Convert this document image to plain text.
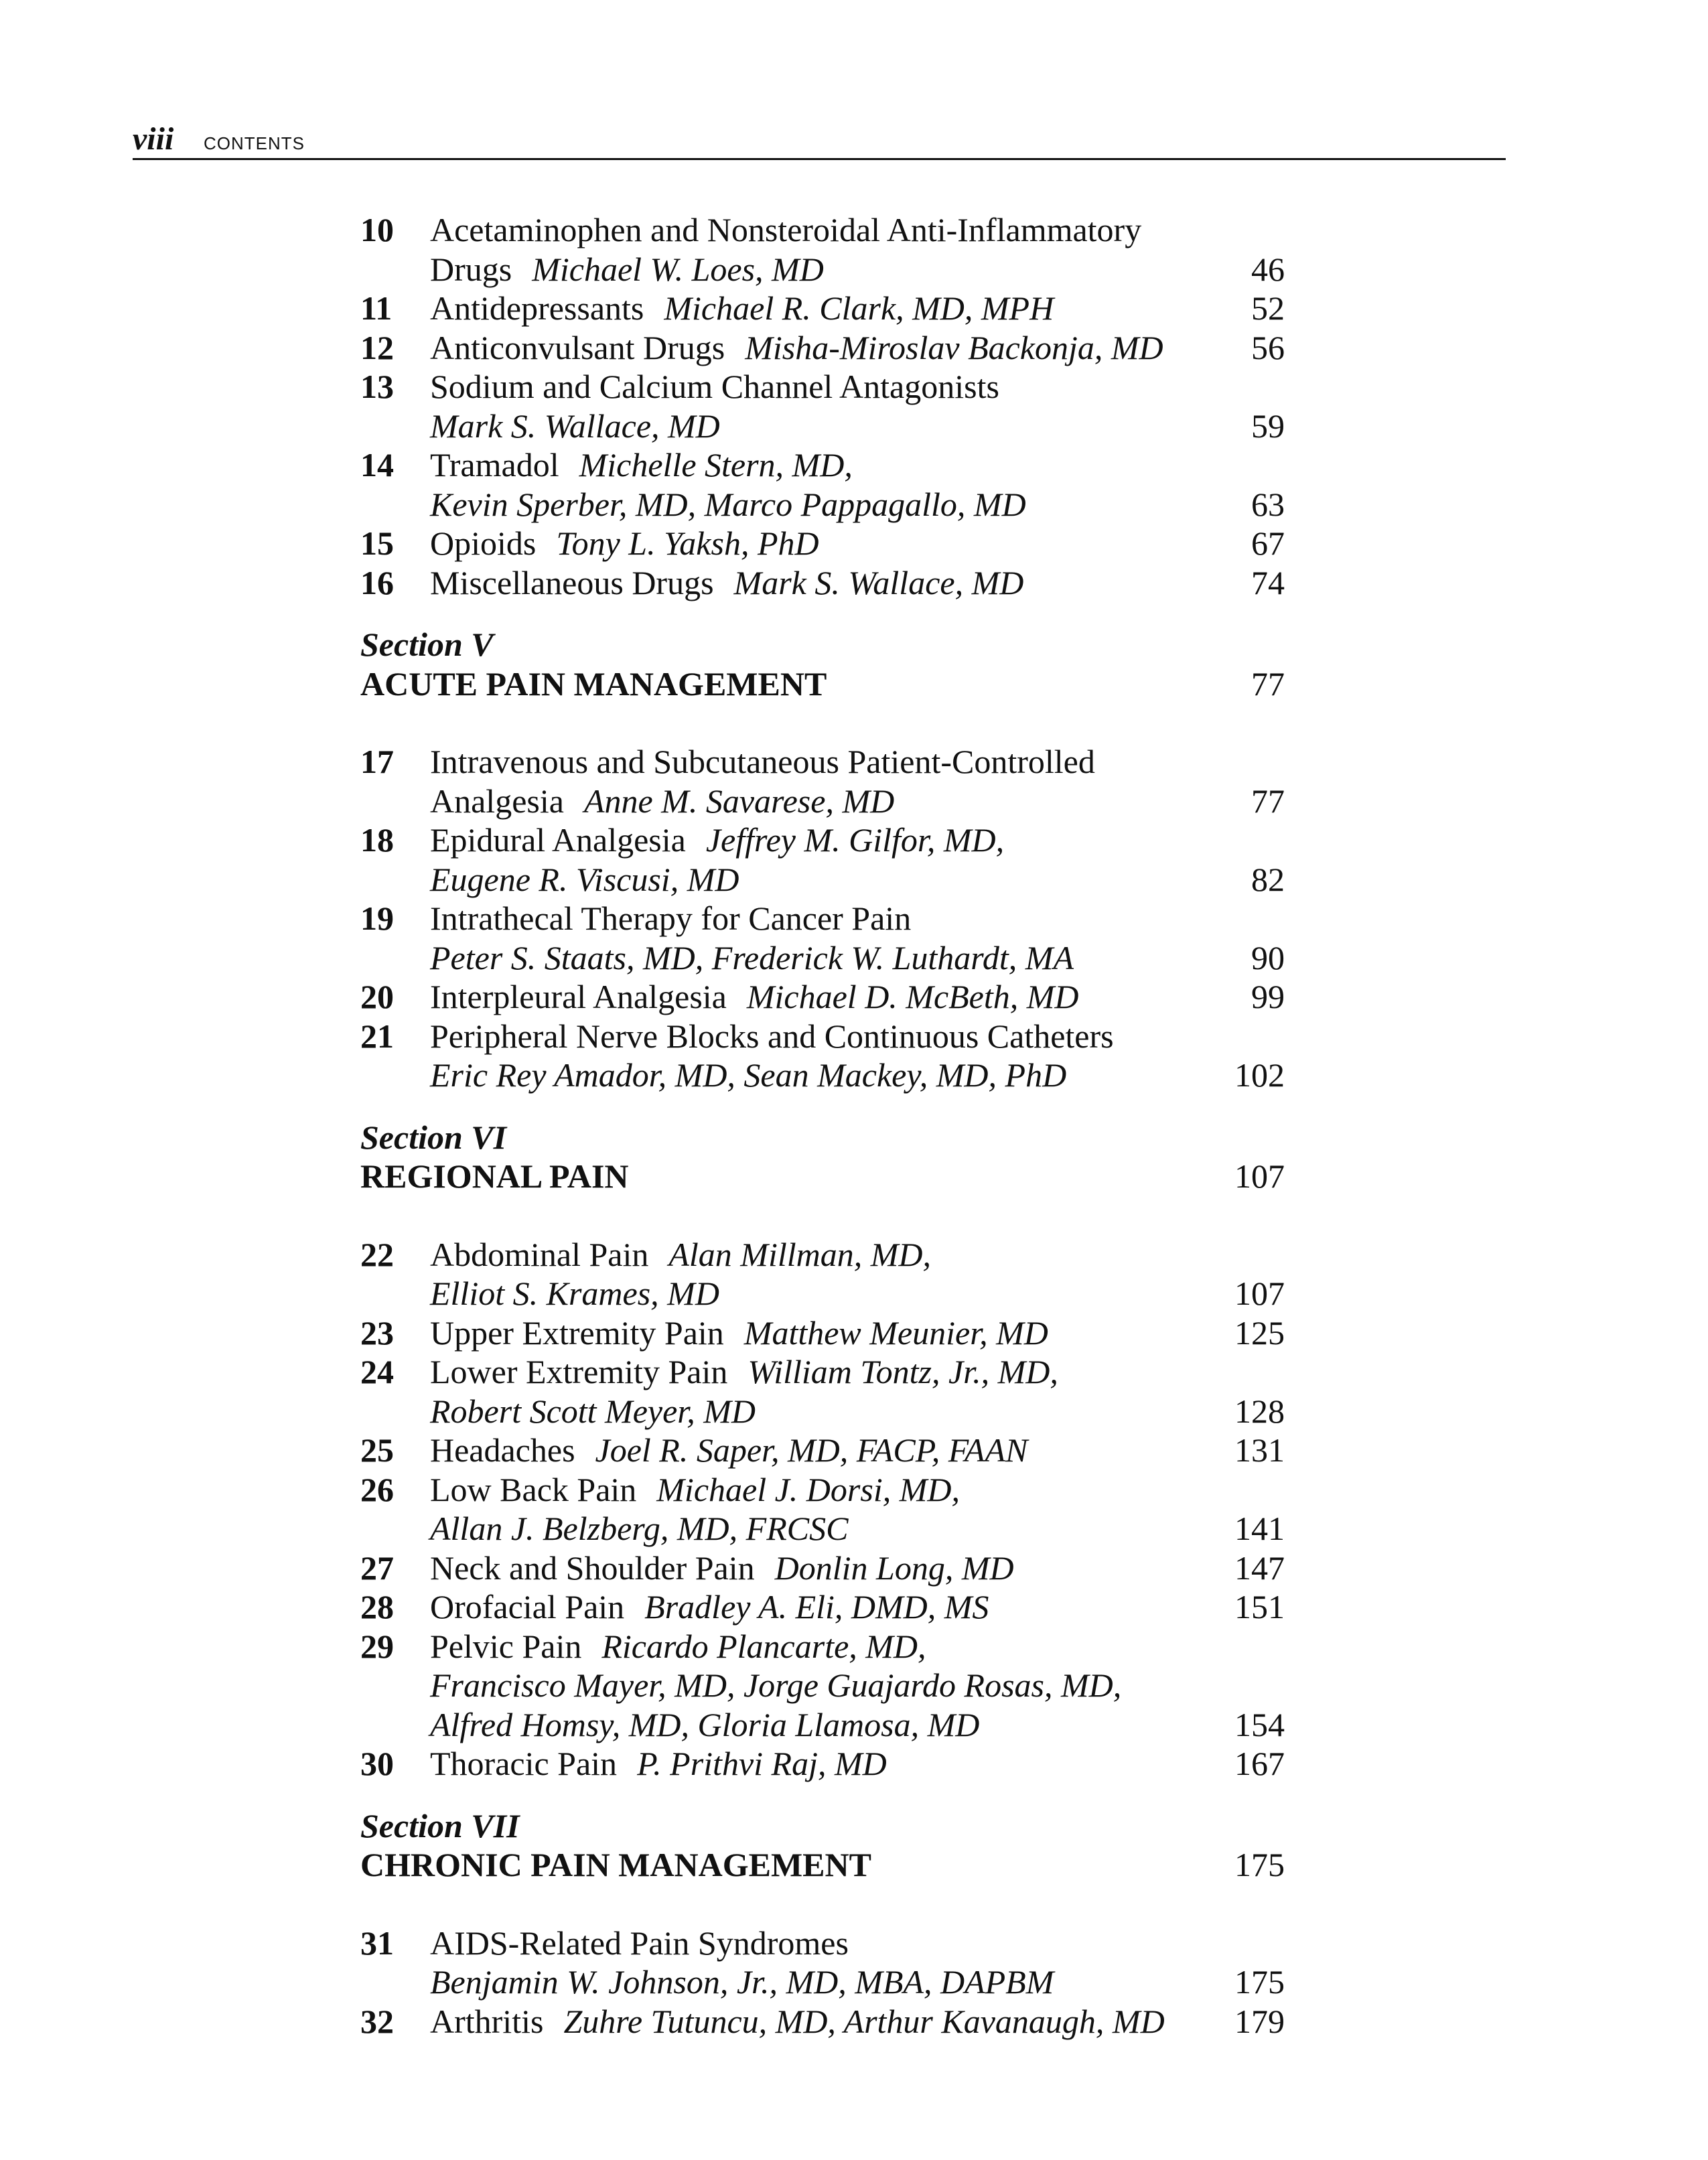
viii CONTENTS
10	Acetaminophen and Nonsteroidal Anti-Inflammatory
Drugs Michael W. Loes, MD	46
11	Antidepressants Michael R. Clark, MD, MPH	52
12	Anticonvulsant Drugs Misha-Miroslav Backonja, MD	56
13	Sodium and Calcium Channel Antagonists
Mark S. Wallace, MD	59
14	Tramadol Michelle Stern, MD,
Kevin Sperber, MD, Marco Pappagallo, MD	63
15	Opioids Tony L. Yaksh, PhD	67
16	Miscellaneous Drugs Mark S. Wallace, MD	74
Section V
ACUTE PAIN MANAGEMENT	77
17	Intravenous and Subcutaneous Patient-Controlled
Analgesia Anne M. Savarese, MD	77
18	Epidural Analgesia Jeffrey M. Gilfor, MD,
Eugene R. Viscusi, MD	82
19	Intrathecal Therapy for Cancer Pain
Peter S. Staats, MD, Frederick W. Luthardt, MA	90
20	Interpleural Analgesia Michael D. McBeth, MD	99
21	Peripheral Nerve Blocks and Continuous Catheters
Eric Rey Amador, MD, Sean Mackey, MD, PhD	102
Section VI
REGIONAL PAIN	107
22	Abdominal Pain Alan Millman, MD,
Elliot S. Krames, MD	107
23	Upper Extremity Pain Matthew Meunier, MD	125
24	Lower Extremity Pain William Tontz, Jr., MD,
Robert Scott Meyer, MD	128
25	Headaches Joel R. Saper, MD, FACP, FAAN	131
26	Low Back Pain Michael J. Dorsi, MD,
Allan J. Belzberg, MD, FRCSC	141
27	Neck and Shoulder Pain Donlin Long, MD	147
28	Orofacial Pain Bradley A. Eli, DMD, MS	151
29	Pelvic Pain Ricardo Plancarte, MD,
Francisco Mayer, MD, Jorge Guajardo Rosas, MD,
Alfred Homsy, MD, Gloria Llamosa, MD	154
30	Thoracic Pain P. Prithvi Raj, MD	167
Section VII
CHRONIC PAIN MANAGEMENT	175
31	AIDS-Related Pain Syndromes
Benjamin W. Johnson, Jr., MD, MBA, DAPBM	175
32	Arthritis Zuhre Tutuncu, MD, Arthur Kavanaugh, MD	179
